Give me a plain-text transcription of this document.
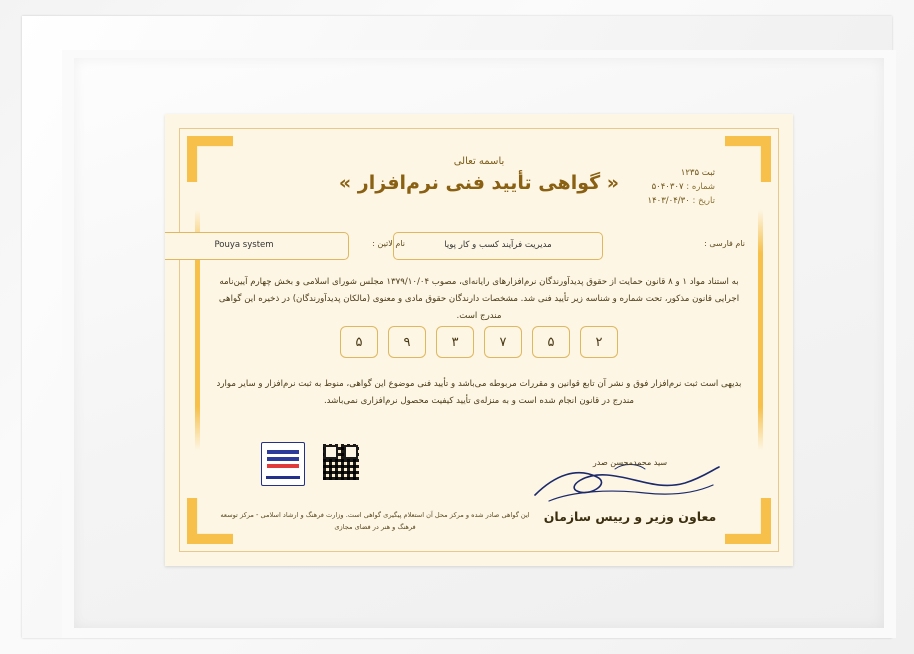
باسمه تعالی
« گواهی تأیید فنی نرم‌افزار »	ثبت ۱۲۳۵
شماره : ۵۰۴۰۳۰۷
تاریخ : ۱۴۰۳/۰۴/۳۰
نام فارسی :
مدیریت فرآیند کسب و کار پویا
نام لاتین :
Pouya system
به استناد مواد ۱ و ۸ قانون حمایت از حقوق پدیدآورندگان نرم‌افزارهای رایانه‌ای، مصوب ۱۳۷۹/۱۰/۰۴ مجلس شورای اسلامی و بخش چهارم آیین‌نامه اجرایی قانون مذکور، تحت شماره و شناسه زیر تأیید فنی شد. مشخصات دارندگان حقوق مادی و معنوی (مالکان پدیدآورندگان) در ذخیره این گواهی مندرج است.
۲
۵
۷
۳
۹
۵
بدیهی است ثبت نرم‌افزار فوق و نشر آن تابع قوانین و مقررات مربوطه می‌باشد و تأیید فنی موضوع این گواهی، منوط به ثبت نرم‌افزار و سایر موارد مندرج در قانون انجام شده است و به منزله‌ی تأیید کیفیت محصول نرم‌افزاری نمی‌باشد.
سید محمدمحسن صدر
معاون وزیر و رییس سازمان
این گواهی صادر شده و مرکز محل آن استعلام پیگیری گواهی است. وزارت فرهنگ و ارشاد اسلامی - مرکز توسعه فرهنگ و هنر در فضای مجازی
